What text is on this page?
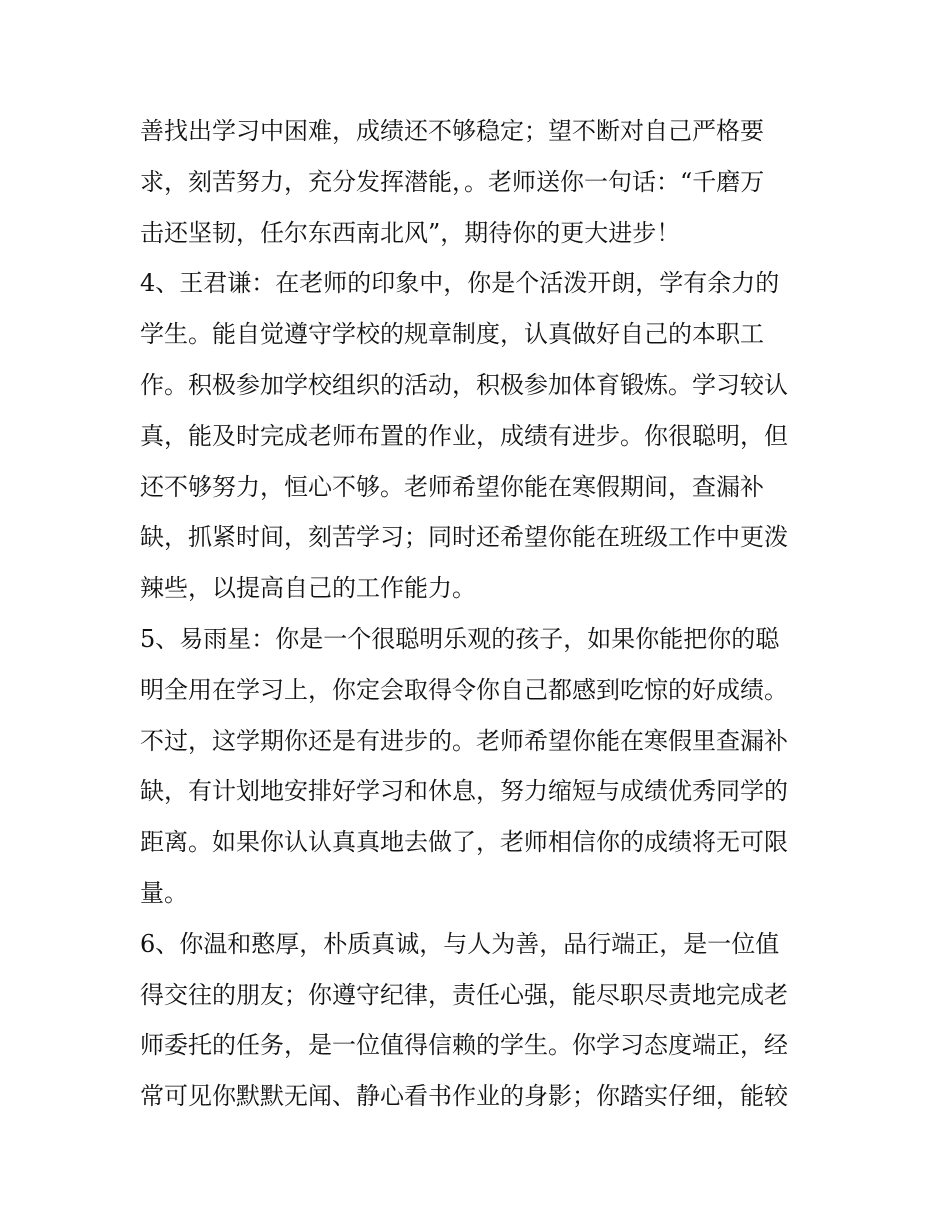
善找出学习中困难，成绩还不够稳定；望不断对自己严格要
求，刻苦努力，充分发挥潜能，。老师送你一句话：“千磨万
击还坚韧，任尔东西南北风”，期待你的更大进步！
4、王君谦：在老师的印象中，你是个活泼开朗，学有余力的
学生。能自觉遵守学校的规章制度，认真做好自己的本职工
作。积极参加学校组织的活动，积极参加体育锻炼。学习较认
真，能及时完成老师布置的作业，成绩有进步。你很聪明，但
还不够努力，恒心不够。老师希望你能在寒假期间，查漏补
缺，抓紧时间，刻苦学习；同时还希望你能在班级工作中更泼
辣些，以提高自己的工作能力。
5、易雨星：你是一个很聪明乐观的孩子，如果你能把你的聪
明全用在学习上，你定会取得令你自己都感到吃惊的好成绩。
不过，这学期你还是有进步的。老师希望你能在寒假里查漏补
缺，有计划地安排好学习和休息，努力缩短与成绩优秀同学的
距离。如果你认认真真地去做了，老师相信你的成绩将无可限
量。
6、你温和憨厚，朴质真诚，与人为善，品行端正，是一位值
得交往的朋友；你遵守纪律，责任心强，能尽职尽责地完成老
师委托的任务，是一位值得信赖的学生。你学习态度端正，经
常可见你默默无闻、静心看书作业的身影；你踏实仔细，能较
